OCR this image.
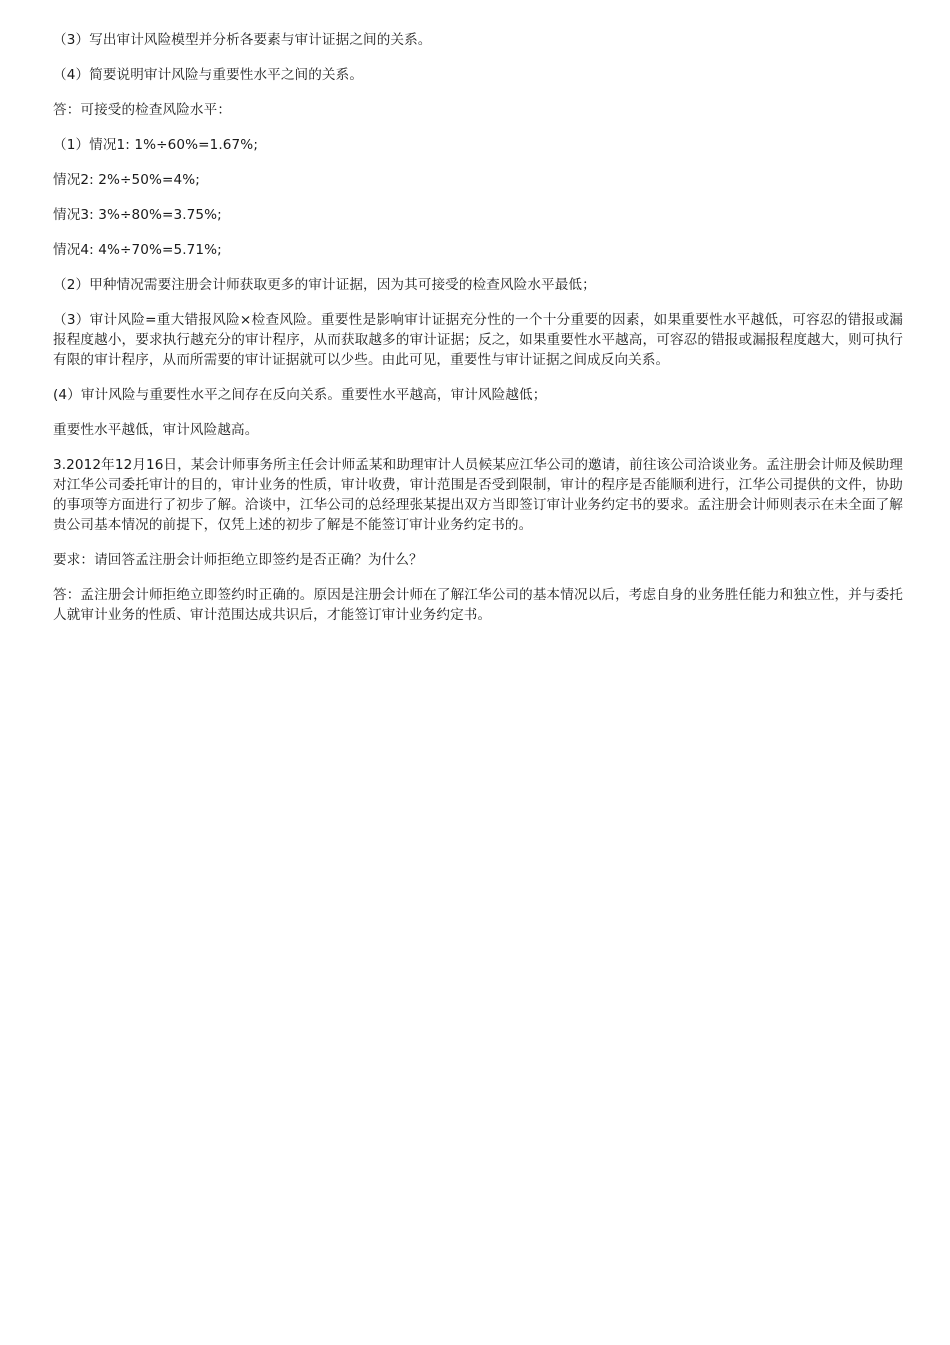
（3）写出审计风险模型并分析各要素与审计证据之间的关系。

（4）简要说明审计风险与重要性水平之间的关系。

答：可接受的检查风险水平：

（1）情况1: 1%÷60%=1.67%;

情况2: 2%÷50%=4%;

情况3: 3%÷80%=3.75%;

情况4: 4%÷70%=5.71%;

（2）甲种情况需要注册会计师获取更多的审计证据，因为其可接受的检查风险水平最低；

（3）审计风险=重大错报风险×检查风险。重要性是影响审计证据充分性的一个十分重要的因素，如果重要性水平越低，可容忍的错报或漏报程度越小，要求执行越充分的审计程序，从而获取越多的审计证据；反之，如果重要性水平越高，可容忍的错报或漏报程度越大，则可执行有限的审计程序，从而所需要的审计证据就可以少些。由此可见，重要性与审计证据之间成反向关系。

(4）审计风险与重要性水平之间存在反向关系。重要性水平越高，审计风险越低；

重要性水平越低，审计风险越高。

3.2012年12月16日，某会计师事务所主任会计师孟某和助理审计人员候某应江华公司的邀请，前往该公司洽谈业务。孟注册会计师及候助理对江华公司委托审计的目的，审计业务的性质，审计收费，审计范围是否受到限制，审计的程序是否能顺利进行，江华公司提供的文件，协助的事项等方面进行了初步了解。洽谈中，江华公司的总经理张某提出双方当即签订审计业务约定书的要求。孟注册会计师则表示在未全面了解贵公司基本情况的前提下，仅凭上述的初步了解是不能签订审计业务约定书的。

要求：请回答孟注册会计师拒绝立即签约是否正确？为什么？

答：孟注册会计师拒绝立即签约时正确的。原因是注册会计师在了解江华公司的基本情况以后，考虑自身的业务胜任能力和独立性，并与委托人就审计业务的性质、审计范围达成共识后，才能签订审计业务约定书。
